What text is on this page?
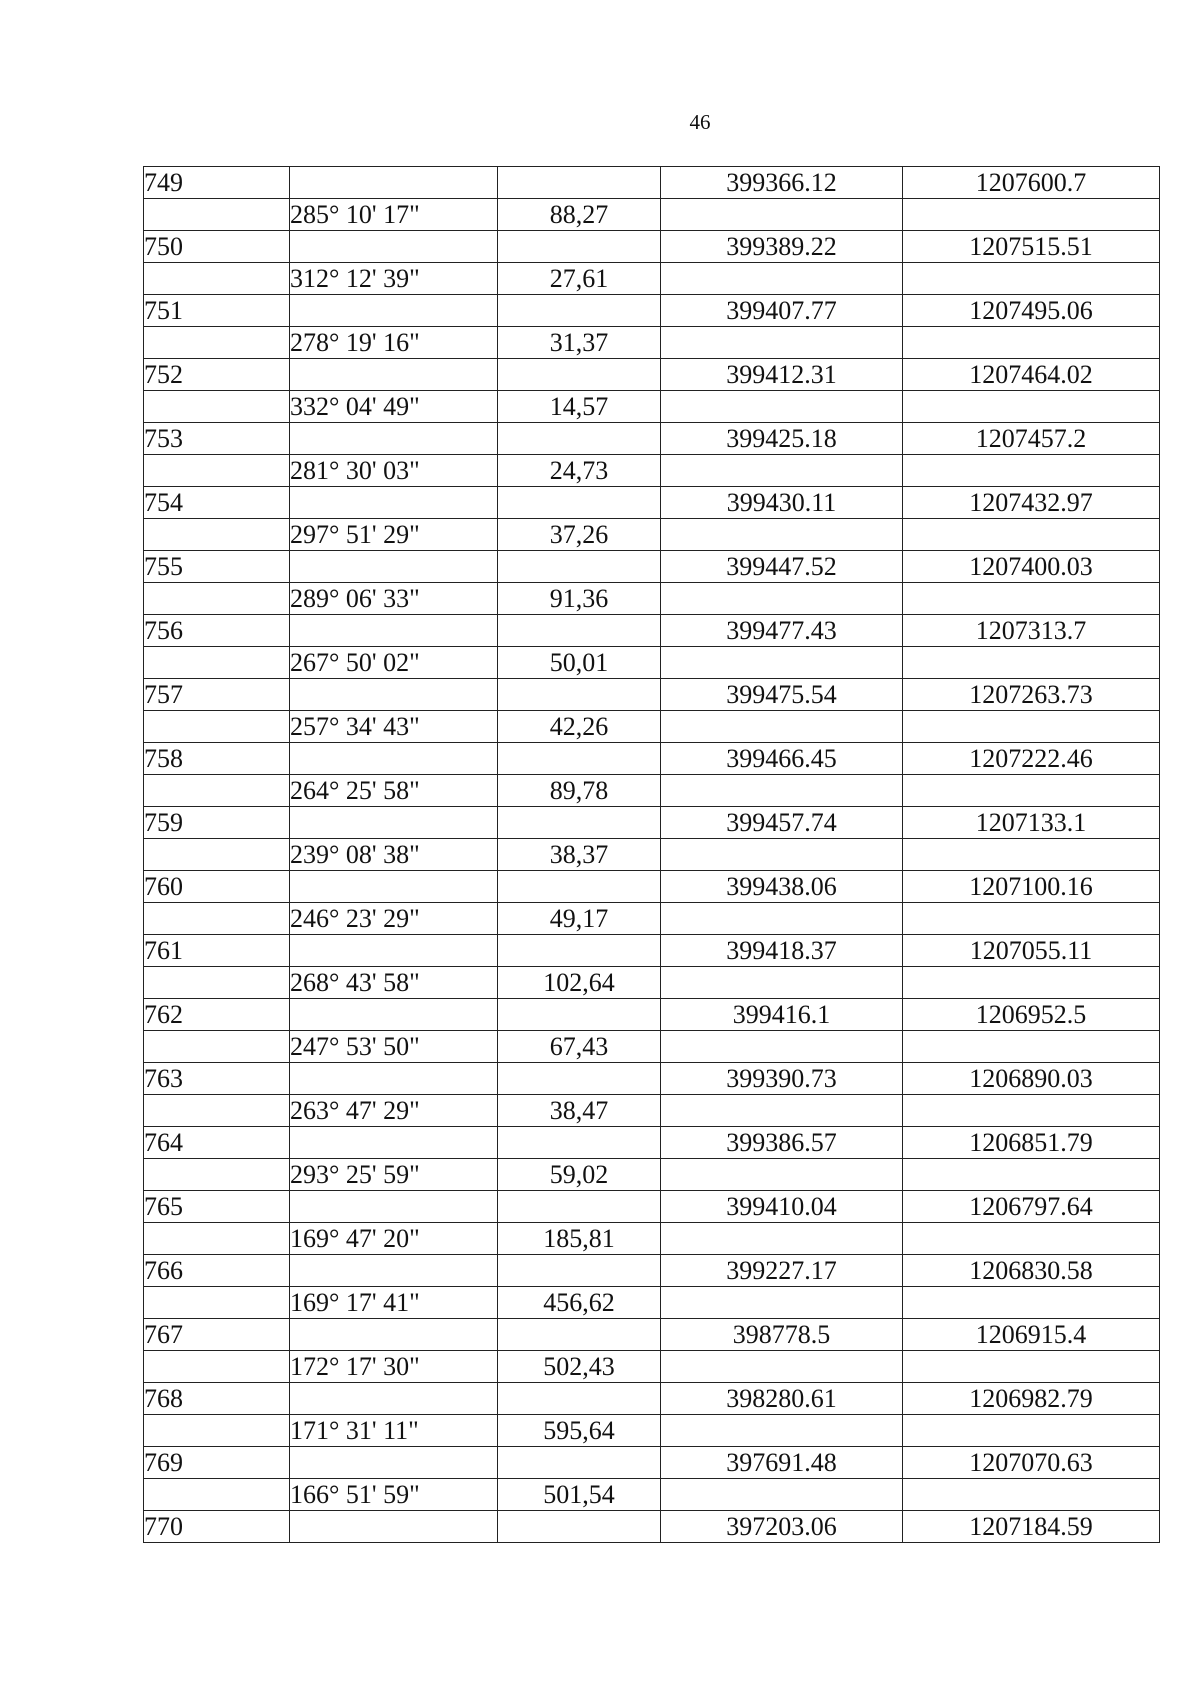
46
749			399366.12	1207600.7
	285° 10' 17"	88,27		
750			399389.22	1207515.51
	312° 12' 39"	27,61		
751			399407.77	1207495.06
	278° 19' 16"	31,37		
752			399412.31	1207464.02
	332° 04' 49"	14,57		
753			399425.18	1207457.2
	281° 30' 03"	24,73		
754			399430.11	1207432.97
	297° 51' 29"	37,26		
755			399447.52	1207400.03
	289° 06' 33"	91,36		
756			399477.43	1207313.7
	267° 50' 02"	50,01		
757			399475.54	1207263.73
	257° 34' 43"	42,26		
758			399466.45	1207222.46
	264° 25' 58"	89,78		
759			399457.74	1207133.1
	239° 08' 38"	38,37		
760			399438.06	1207100.16
	246° 23' 29"	49,17		
761			399418.37	1207055.11
	268° 43' 58"	102,64		
762			399416.1	1206952.5
	247° 53' 50"	67,43		
763			399390.73	1206890.03
	263° 47' 29"	38,47		
764			399386.57	1206851.79
	293° 25' 59"	59,02		
765			399410.04	1206797.64
	169° 47' 20"	185,81		
766			399227.17	1206830.58
	169° 17' 41"	456,62		
767			398778.5	1206915.4
	172° 17' 30"	502,43		
768			398280.61	1206982.79
	171° 31' 11"	595,64		
769			397691.48	1207070.63
	166° 51' 59"	501,54		
770			397203.06	1207184.59
